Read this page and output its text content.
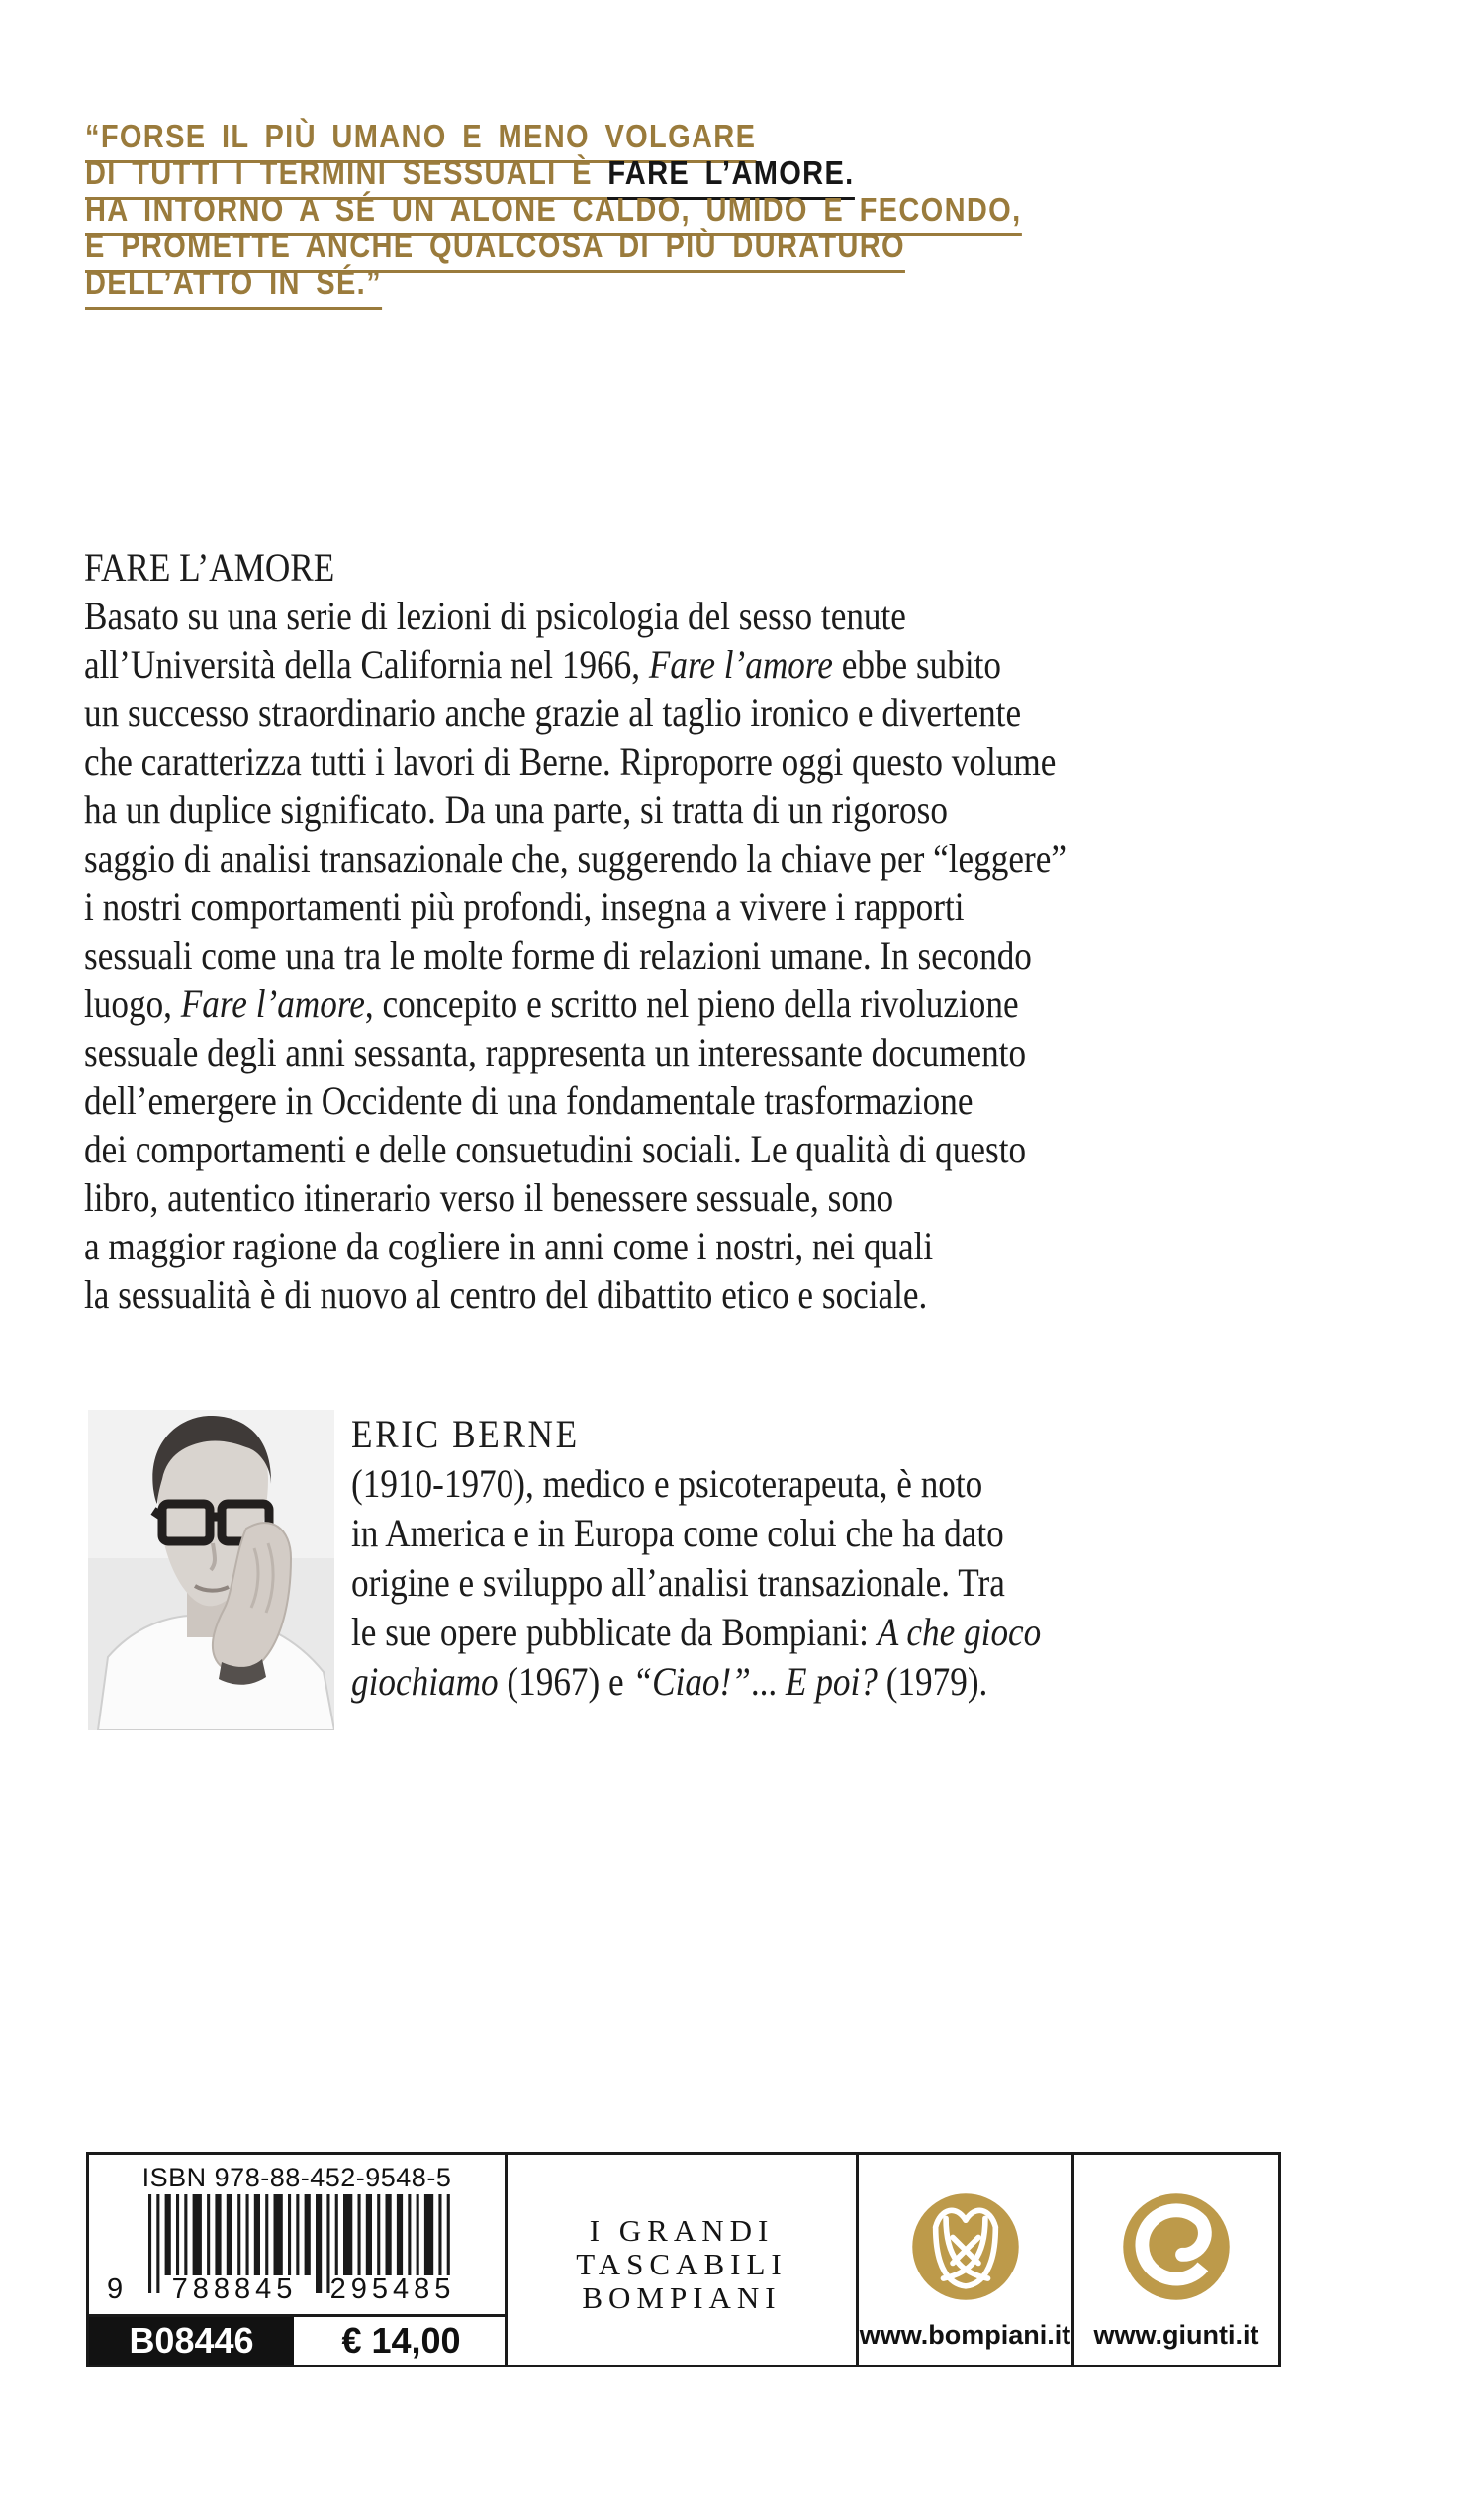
“FORSE IL PIÙ UMANO E MENO VOLGARE
DI TUTTI I TERMINI SESSUALI È FARE L’AMORE.
HA INTORNO A SÉ UN ALONE CALDO, UMIDO E FECONDO,
E PROMETTE ANCHE QUALCOSA DI PIÙ DURATURO
DELL’ATTO IN SÉ.”
FARE L’AMORE
Basato su una serie di lezioni di psicologia del sesso tenute
all’Università della California nel 1966, Fare l’amore ebbe subito
un successo straordinario anche grazie al taglio ironico e divertente
che caratterizza tutti i lavori di Berne. Riproporre oggi questo volume
ha un duplice significato. Da una parte, si tratta di un rigoroso
saggio di analisi transazionale che, suggerendo la chiave per “leggere”
i nostri comportamenti più profondi, insegna a vivere i rapporti
sessuali come una tra le molte forme di relazioni umane. In secondo
luogo, Fare l’amore, concepito e scritto nel pieno della rivoluzione
sessuale degli anni sessanta, rappresenta un interessante documento
dell’emergere in Occidente di una fondamentale trasformazione
dei comportamenti e delle consuetudini sociali. Le qualità di questo
libro, autentico itinerario verso il benessere sessuale, sono
a maggior ragione da cogliere in anni come i nostri, nei quali
la sessualità è di nuovo al centro del dibattito etico e sociale.
ERIC BERNE
(1910-1970), medico e psicoterapeuta, è noto
in America e in Europa come colui che ha dato
origine e sviluppo all’analisi transazionale. Tra
le sue opere pubblicate da Bompiani: A che gioco
giochiamo (1967) e “Ciao!”... E poi? (1979).
ISBN 978-88-452-9548-5
9	788845	295485
B08446	€ 14,00
I GRANDI
TASCABILI
BOMPIANI
www.bompiani.it www.giunti.it
